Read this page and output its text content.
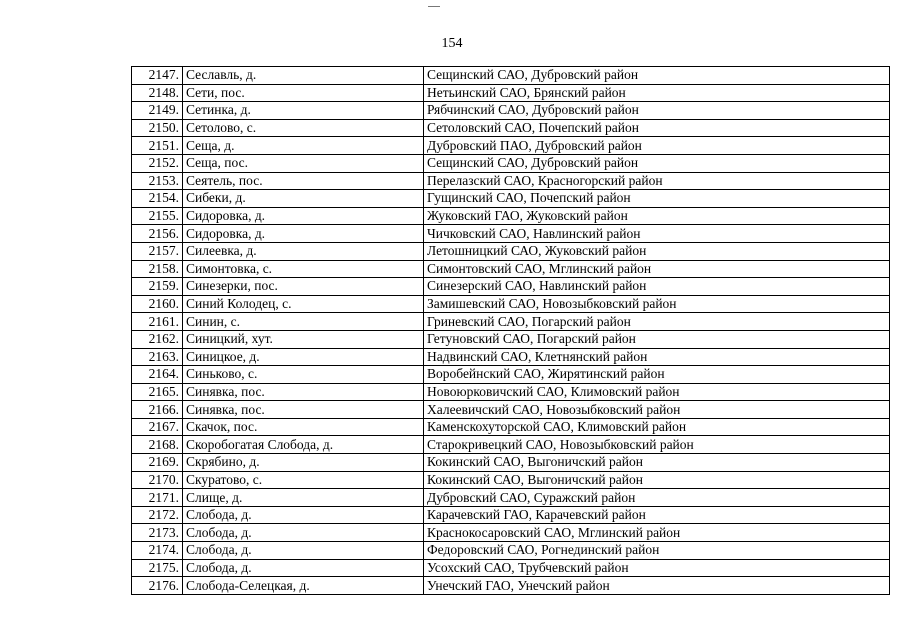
154
2147.	Сеславль, д.	Сещинский САО, Дубровский район
2148.	Сети, пос.	Нетьинский САО, Брянский район
2149.	Сетинка, д.	Рябчинский САО, Дубровский район
2150.	Сетолово, с.	Сетоловский САО, Почепский район
2151.	Сеща, д.	Дубровский ПАО, Дубровский район
2152.	Сеща, пос.	Сещинский САО, Дубровский район
2153.	Сеятель, пос.	Перелазский САО, Красногорский район
2154.	Сибеки, д.	Гущинский САО, Почепский район
2155.	Сидоровка, д.	Жуковский ГАО, Жуковский район
2156.	Сидоровка, д.	Чичковский САО, Навлинский район
2157.	Силеевка, д.	Летошницкий САО, Жуковский район
2158.	Симонтовка, с.	Симонтовский САО, Мглинский район
2159.	Синезерки, пос.	Синезерский САО, Навлинский район
2160.	Синий Колодец, с.	Замишевский САО, Новозыбковский район
2161.	Синин, с.	Гриневский САО, Погарский район
2162.	Синицкий, хут.	Гетуновский САО, Погарский район
2163.	Синицкое, д.	Надвинский САО, Клетнянский район
2164.	Синьково, с.	Воробейнский САО, Жирятинский район
2165.	Синявка, пос.	Новоюрковичский САО, Климовский район
2166.	Синявка, пос.	Халеевичский САО, Новозыбковский район
2167.	Скачок, пос.	Каменскохуторской САО, Климовский район
2168.	Скоробогатая Слобода, д.	Старокривецкий САО, Новозыбковский район
2169.	Скрябино, д.	Кокинский САО, Выгоничский район
2170.	Скуратово, с.	Кокинский САО, Выгоничский район
2171.	Слище, д.	Дубровский САО, Суражский район
2172.	Слобода, д.	Карачевский ГАО, Карачевский район
2173.	Слобода, д.	Краснокосаровский САО, Мглинский район
2174.	Слобода, д.	Федоровский САО, Рогнединский район
2175.	Слобода, д.	Усохский САО, Трубчевский район
2176.	Слобода-Селецкая, д.	Унечский ГАО, Унечский район
